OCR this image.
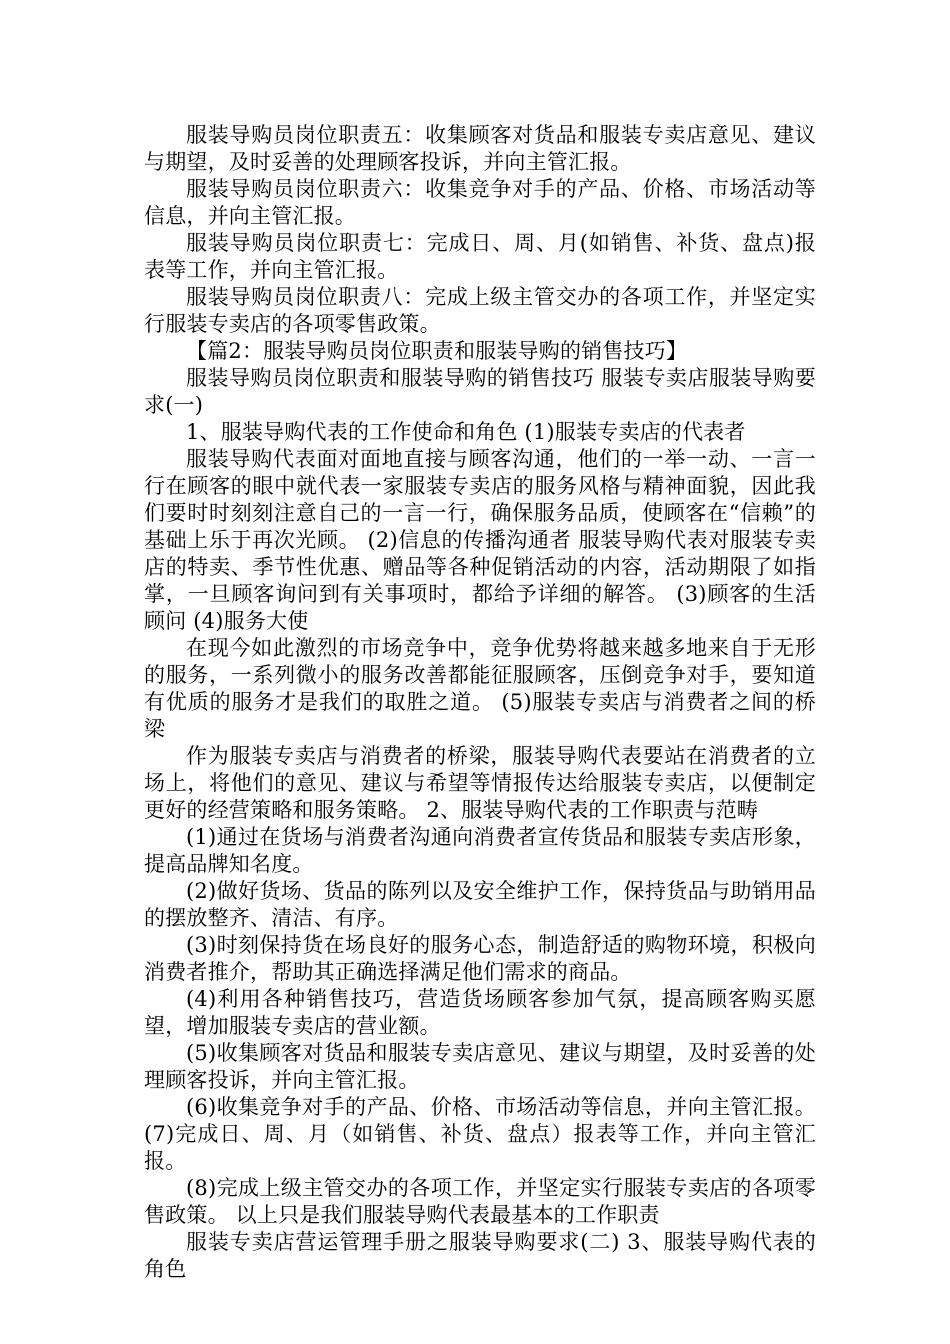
服装导购员岗位职责五：收集顾客对货品和服装专卖店意见、建议与期望，及时妥善的处理顾客投诉，并向主管汇报。

服装导购员岗位职责六：收集竞争对手的产品、价格、市场活动等信息，并向主管汇报。

服装导购员岗位职责七：完成日、周、月(如销售、补货、盘点)报表等工作，并向主管汇报。

服装导购员岗位职责八：完成上级主管交办的各项工作，并坚定实行服装专卖店的各项零售政策。

【篇2：服装导购员岗位职责和服装导购的销售技巧】

服装导购员岗位职责和服装导购的销售技巧 服装专卖店服装导购要求(一)

1、服装导购代表的工作使命和角色 (1)服装专卖店的代表者

服装导购代表面对面地直接与顾客沟通，他们的一举一动、一言一行在顾客的眼中就代表一家服装专卖店的服务风格与精神面貌，因此我们要时时刻刻注意自己的一言一行，确保服务品质，使顾客在“信赖”的基础上乐于再次光顾。 (2)信息的传播沟通者 服装导购代表对服装专卖店的特卖、季节性优惠、赠品等各种促销活动的内容，活动期限了如指掌，一旦顾客询问到有关事项时，都给予详细的解答。 (3)顾客的生活顾问 (4)服务大使

在现今如此激烈的市场竞争中，竞争优势将越来越多地来自于无形的服务，一系列微小的服务改善都能征服顾客，压倒竞争对手，要知道有优质的服务才是我们的取胜之道。 (5)服装专卖店与消费者之间的桥梁

作为服装专卖店与消费者的桥梁，服装导购代表要站在消费者的立场上，将他们的意见、建议与希望等情报传达给服装专卖店，以便制定更好的经营策略和服务策略。 2、服装导购代表的工作职责与范畴

(1)通过在货场与消费者沟通向消费者宣传货品和服装专卖店形象，提高品牌知名度。

(2)做好货场、货品的陈列以及安全维护工作，保持货品与助销用品的摆放整齐、清洁、有序。

(3)时刻保持货在场良好的服务心态，制造舒适的购物环境，积极向消费者推介，帮助其正确选择满足他们需求的商品。

(4)利用各种销售技巧，营造货场顾客参加气氛，提高顾客购买愿望，增加服装专卖店的营业额。

(5)收集顾客对货品和服装专卖店意见、建议与期望，及时妥善的处理顾客投诉，并向主管汇报。

(6)收集竞争对手的产品、价格、市场活动等信息，并向主管汇报。 (7)完成日、周、月（如销售、补货、盘点）报表等工作，并向主管汇报。

(8)完成上级主管交办的各项工作，并坚定实行服装专卖店的各项零售政策。 以上只是我们服装导购代表最基本的工作职责

服装专卖店营运管理手册之服装导购要求(二) 3、服装导购代表的角色
